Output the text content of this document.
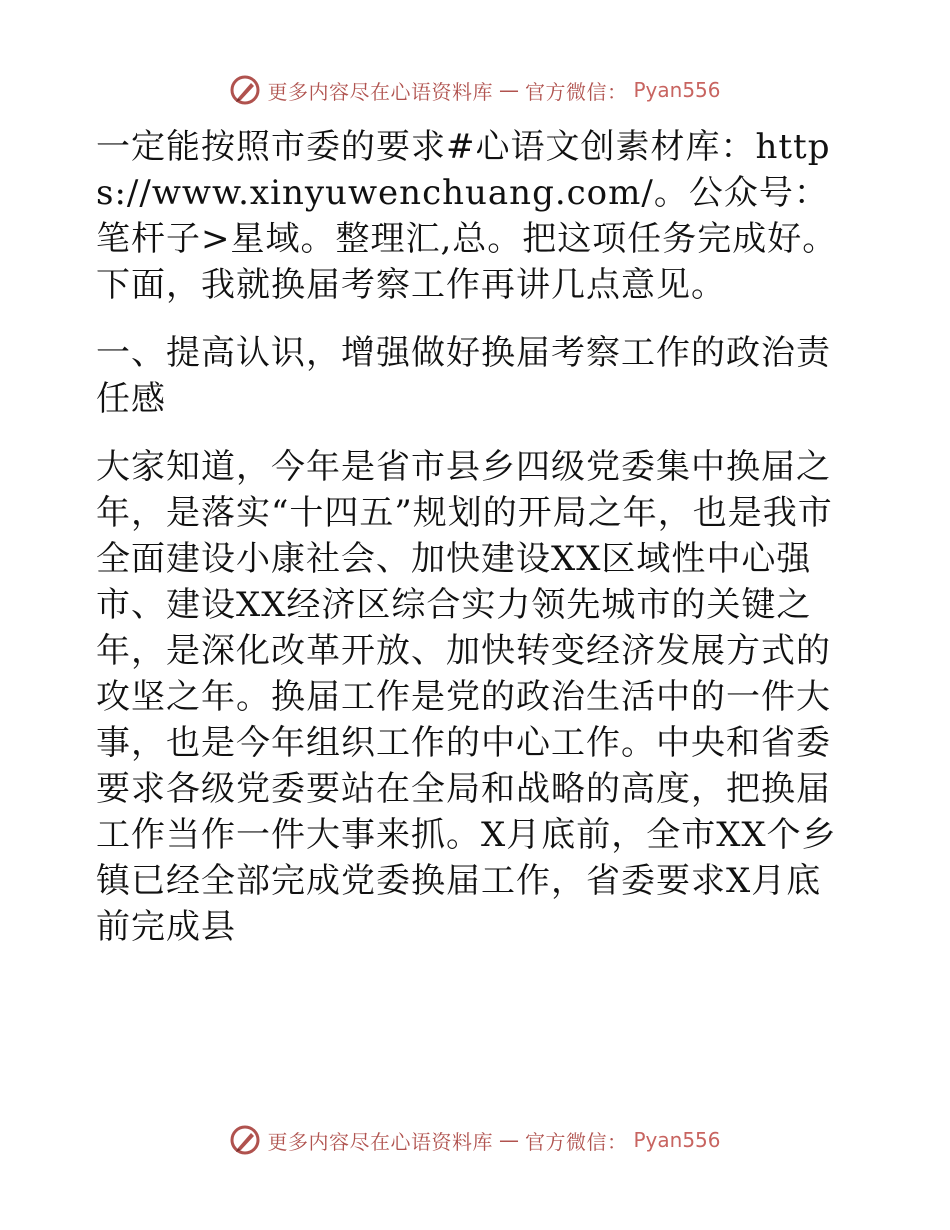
更多内容尽在心语资料库 — 官方微信： Pyan556

一定能按照市委的要求#心语文创素材库：https://www.xinyuwenchuang.com/。公众号：笔杆子>星域。整理汇,总。把这项任务完成好。下面，我就换届考察工作再讲几点意见。

一、提高认识，增强做好换届考察工作的政治责任感

大家知道，今年是省市县乡四级党委集中换届之年，是落实“十四五”规划的开局之年，也是我市全面建设小康社会、加快建设XX区域性中心强市、建设XX经济区综合实力领先城市的关键之年，是深化改革开放、加快转变经济发展方式的攻坚之年。换届工作是党的政治生活中的一件大事，也是今年组织工作的中心工作。中央和省委要求各级党委要站在全局和战略的高度，把换届工作当作一件大事来抓。X月底前，全市XX个乡镇已经全部完成党委换届工作，省委要求X月底前完成县

更多内容尽在心语资料库 — 官方微信： Pyan556
